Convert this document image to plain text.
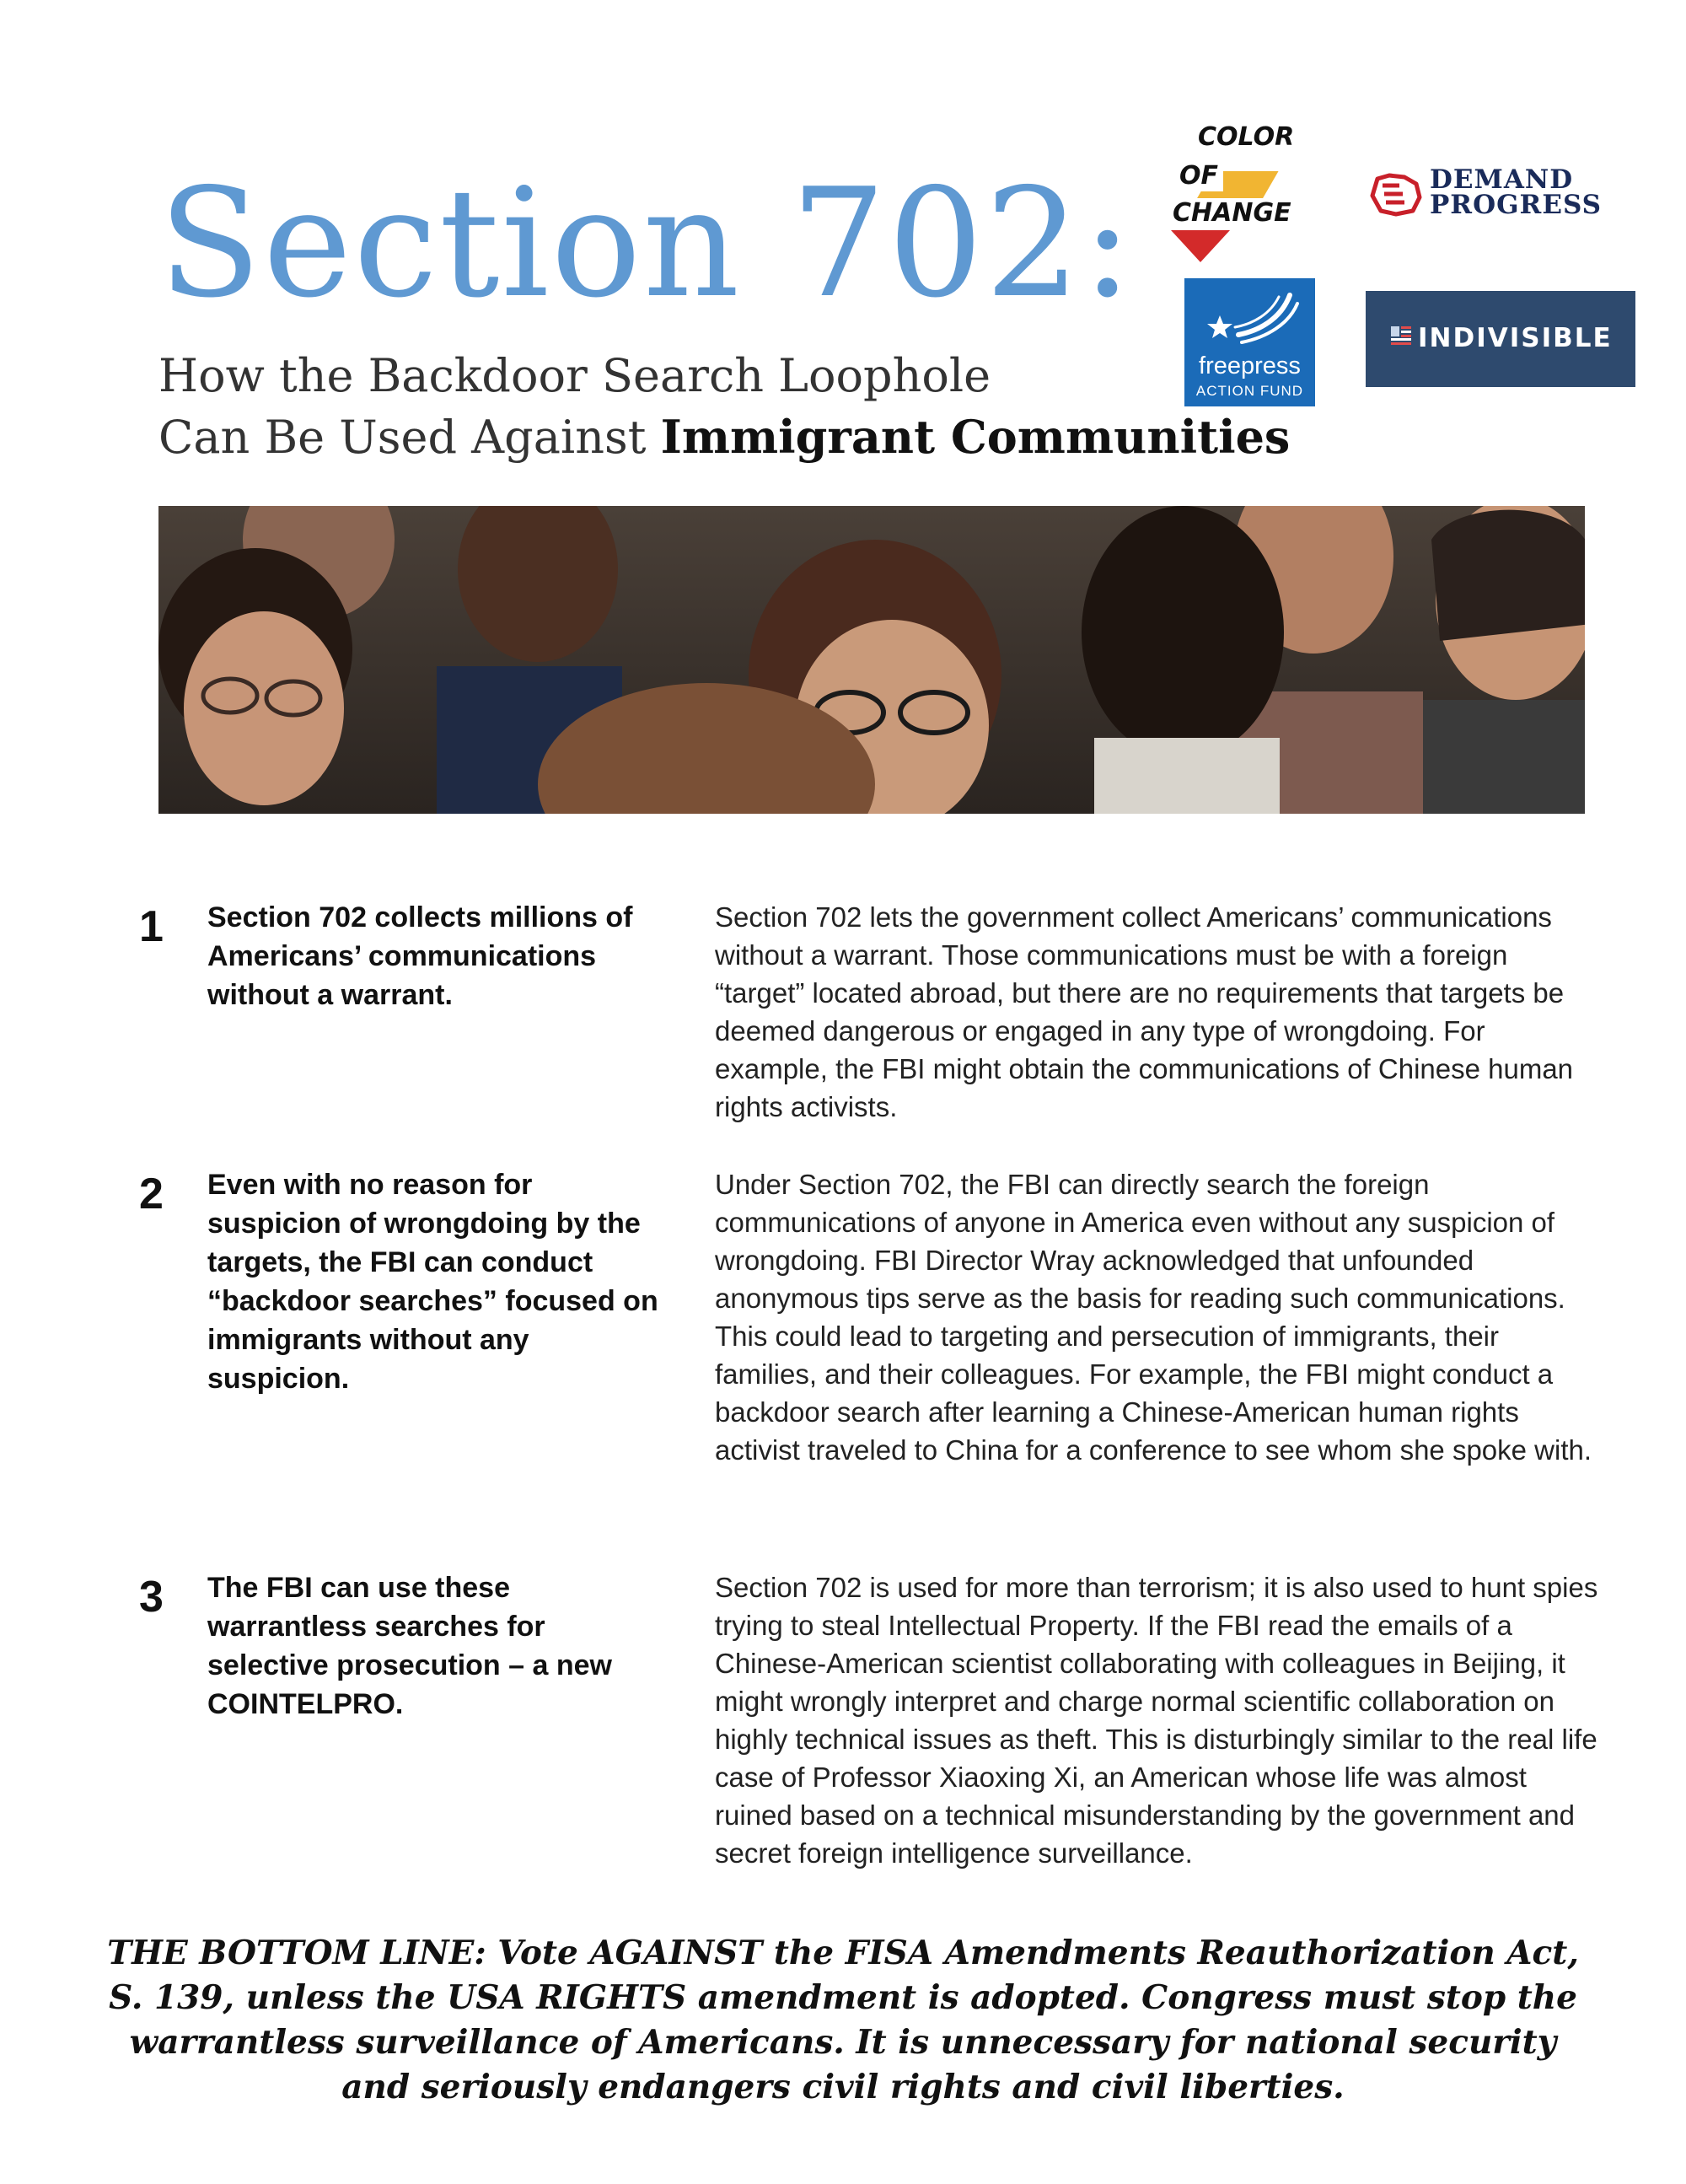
Section 702:
How the Backdoor Search Loophole
Can Be Used Against Immigrant Communities
COLOR
OF
CHANGE
DEMAND
PROGRESS
freepress
ACTION FUND
INDIVISIBLE
1 Section 702 collects millions of Americans’ communications without a warrant.
Section 702 lets the government collect Americans’ communications without a warrant. Those communications must be with a foreign “target” located abroad, but there are no requirements that targets be deemed dangerous or engaged in any type of wrongdoing. For example, the FBI might obtain the communications of Chinese human rights activists.
2 Even with no reason for suspicion of wrongdoing by the targets, the FBI can conduct “backdoor searches” focused on immigrants without any suspicion.
Under Section 702, the FBI can directly search the foreign communications of anyone in America even without any suspicion of wrongdoing. FBI Director Wray acknowledged that unfounded anonymous tips serve as the basis for reading such communications. This could lead to targeting and persecution of immigrants, their families, and their colleagues. For example, the FBI might conduct a backdoor search after learning a Chinese-American human rights activist traveled to China for a conference to see whom she spoke with.
3 The FBI can use these warrantless searches for selective prosecution – a new COINTELPRO.
Section 702 is used for more than terrorism; it is also used to hunt spies trying to steal Intellectual Property. If the FBI read the emails of a Chinese-American scientist collaborating with colleagues in Beijing, it might wrongly interpret and charge normal scientific collaboration on highly technical issues as theft. This is disturbingly similar to the real life case of Professor Xiaoxing Xi, an American whose life was almost ruined based on a technical misunderstanding by the government and secret foreign intelligence surveillance.
THE BOTTOM LINE: Vote AGAINST the FISA Amendments Reauthorization Act, S. 139, unless the USA RIGHTS amendment is adopted. Congress must stop the warrantless surveillance of Americans. It is unnecessary for national security and seriously endangers civil rights and civil liberties.
